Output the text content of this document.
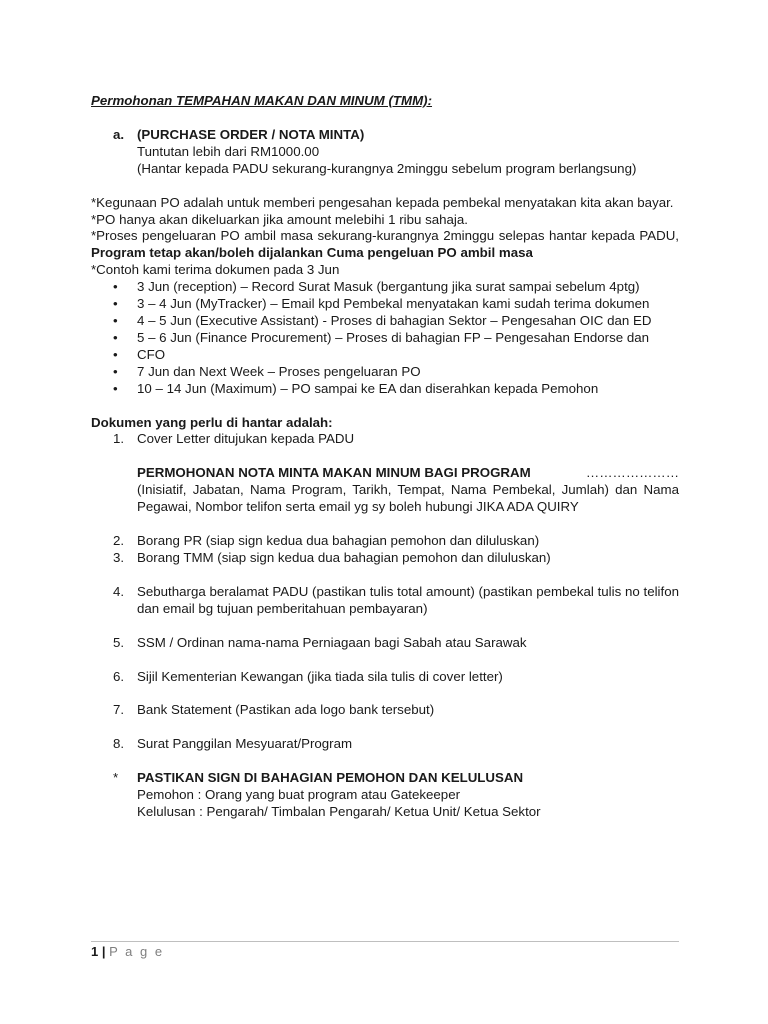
Permohonan TEMPAHAN MAKAN DAN MINUM (TMM):
a. (PURCHASE ORDER / NOTA MINTA)
Tuntutan lebih dari RM1000.00
(Hantar kepada PADU sekurang-kurangnya 2minggu sebelum program berlangsung)
*Kegunaan PO adalah untuk memberi pengesahan kepada pembekal menyatakan kita akan bayar.
*PO hanya akan dikeluarkan jika amount melebihi 1 ribu sahaja.
*Proses pengeluaran PO ambil masa sekurang-kurangnya 2minggu selepas hantar kepada PADU, Program tetap akan/boleh dijalankan Cuma pengeluan PO ambil masa
*Contoh kami terima dokumen pada 3 Jun
• 3 Jun (reception) – Record Surat Masuk (bergantung jika surat sampai sebelum 4ptg)
• 3 – 4 Jun (MyTracker) – Email kpd Pembekal menyatakan kami sudah terima dokumen
• 4 – 5 Jun (Executive Assistant) - Proses di bahagian Sektor – Pengesahan OIC dan ED
• 5 – 6 Jun (Finance Procurement) – Proses di bahagian FP – Pengesahan Endorse dan
• CFO
• 7 Jun dan Next Week – Proses pengeluaran PO
• 10 – 14 Jun (Maximum) – PO sampai ke EA dan diserahkan kepada Pemohon
Dokumen yang perlu di hantar adalah:
1. Cover Letter ditujukan kepada PADU
PERMOHONAN NOTA MINTA MAKAN MINUM BAGI PROGRAM	…………………
(Inisiatif, Jabatan, Nama Program, Tarikh, Tempat, Nama Pembekal, Jumlah) dan Nama Pegawai, Nombor telifon serta email yg sy boleh hubungi JIKA ADA QUIRY
2. Borang PR (siap sign kedua dua bahagian pemohon dan diluluskan)
3. Borang TMM (siap sign kedua dua bahagian pemohon dan diluluskan)
4. Sebutharga beralamat PADU (pastikan tulis total amount) (pastikan pembekal tulis no telifon dan email bg tujuan pemberitahuan pembayaran)
5. SSM / Ordinan nama-nama Perniagaan bagi Sabah atau Sarawak
6. Sijil Kementerian Kewangan (jika tiada sila tulis di cover letter)
7. Bank Statement (Pastikan ada logo bank tersebut)
8. Surat Panggilan Mesyuarat/Program
* PASTIKAN SIGN DI BAHAGIAN PEMOHON DAN KELULUSAN
Pemohon : Orang yang buat program atau Gatekeeper
Kelulusan : Pengarah/ Timbalan Pengarah/ Ketua Unit/ Ketua Sektor
1 | P a g e
